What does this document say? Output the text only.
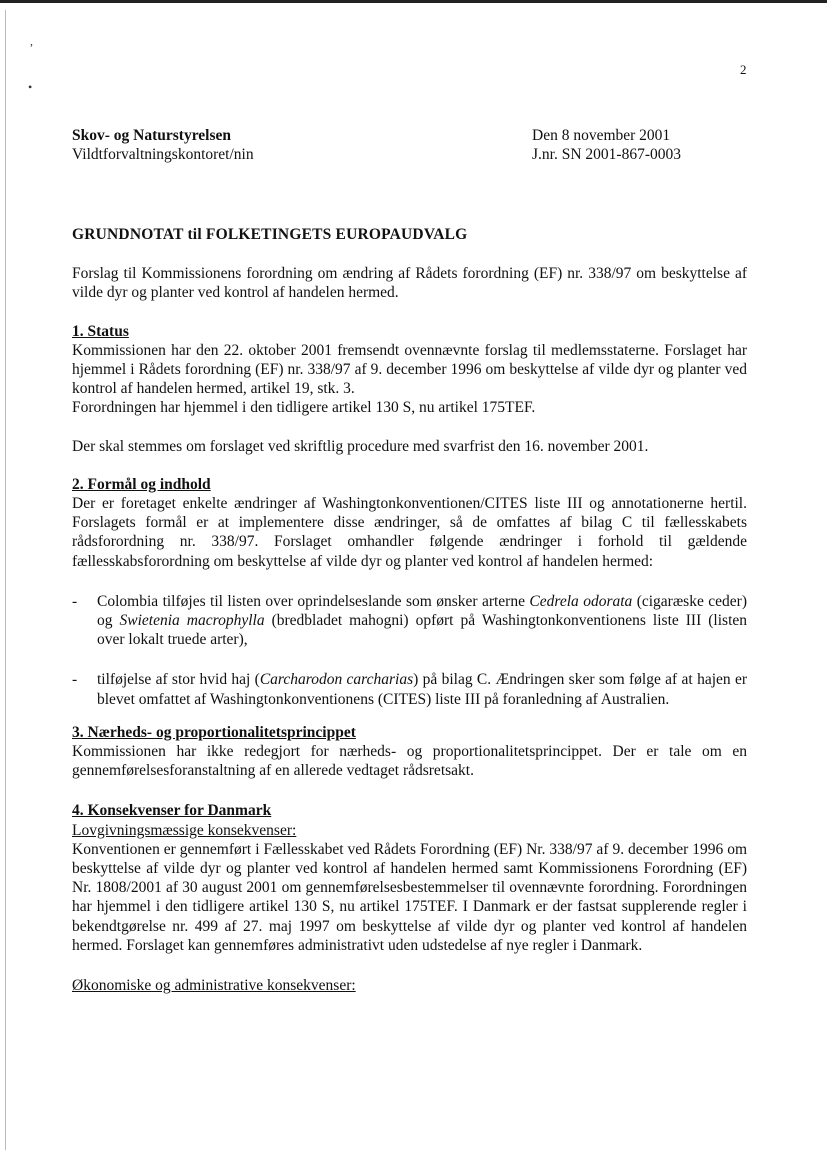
,
•
2
Skov- og Naturstyrelsen
Vildtforvaltningskontoret/nin
Den 8 november 2001
J.nr. SN 2001-867-0003
GRUNDNOTAT til FOLKETINGETS EUROPAUDVALG

Forslag til Kommissionens forordning om ændring af Rådets forordning (EF) nr. 338/97 om beskyttelse af vilde dyr og planter ved kontrol af handelen hermed.

1. Status

Kommissionen har den 22. oktober 2001 fremsendt ovennævnte forslag til medlemsstaterne. Forslaget har hjemmel i Rådets forordning (EF) nr. 338/97 af 9. december 1996 om beskyttelse af vilde dyr og planter ved kontrol af handelen hermed, artikel 19, stk. 3.

Forordningen har hjemmel i den tidligere artikel 130 S, nu artikel 175TEF.

Der skal stemmes om forslaget ved skriftlig procedure med svarfrist den 16. november 2001.

2. Formål og indhold

Der er foretaget enkelte ændringer af Washingtonkonventionen/CITES liste III og annotationerne hertil. Forslagets formål er at implementere disse ændringer, så de omfattes af bilag C til fællesskabets rådsforordning nr. 338/97. Forslaget omhandler følgende ændringer i forhold til gældende fællesskabsforordning om beskyttelse af vilde dyr og planter ved kontrol af handelen hermed:

- Colombia tilføjes til listen over oprindelseslande som ønsker arterne Cedrela odorata (cigaræske ceder) og Swietenia macrophylla (bredbladet mahogni) opført på Washingtonkonventionens liste III (listen over lokalt truede arter),
- tilføjelse af stor hvid haj (Carcharodon carcharias) på bilag C. Ændringen sker som følge af at hajen er blevet omfattet af Washingtonkonventionens (CITES) liste III på foranledning af Australien.
3. Nærheds- og proportionalitetsprincippet

Kommissionen har ikke redegjort for nærheds- og proportionalitetsprincippet. Der er tale om en gennemførelsesforanstaltning af en allerede vedtaget rådsretsakt.

4. Konsekvenser for Danmark
Lovgivningsmæssige konsekvenser:

Konventionen er gennemført i Fællesskabet ved Rådets Forordning (EF) Nr. 338/97 af 9. december 1996 om beskyttelse af vilde dyr og planter ved kontrol af handelen hermed samt Kommissionens Forordning (EF) Nr. 1808/2001 af 30 august 2001 om gennemførelsesbestemmelser til ovennævnte forordning. Forordningen har hjemmel i den tidligere artikel 130 S, nu artikel 175TEF. I Danmark er der fastsat supplerende regler i bekendtgørelse nr. 499 af 27. maj 1997 om beskyttelse af vilde dyr og planter ved kontrol af handelen hermed. Forslaget kan gennemføres administrativt uden udstedelse af nye regler i Danmark.

Økonomiske og administrative konsekvenser:
